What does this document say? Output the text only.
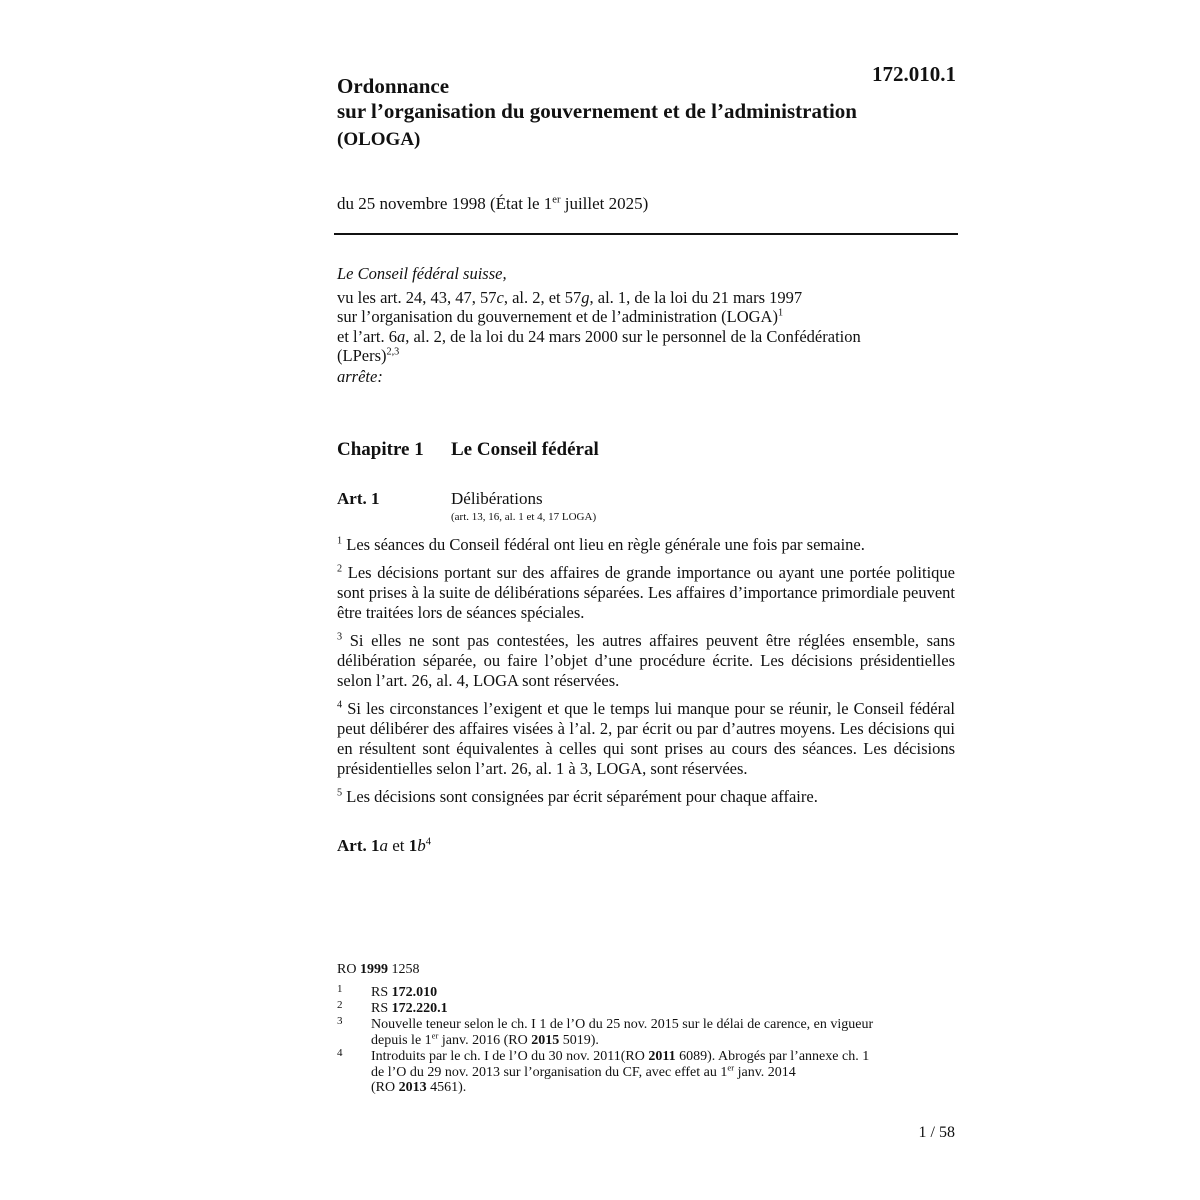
172.010.1
Ordonnance
sur l’organisation du gouvernement et de l’administration
(OLOGA)
du 25 novembre 1998 (État le 1er juillet 2025)
Le Conseil fédéral suisse,
vu les art. 24, 43, 47, 57c, al. 2, et 57g, al. 1, de la loi du 21 mars 1997
sur l’organisation du gouvernement et de l’administration (LOGA)$^1$
et l’art. 6a, al. 2, de la loi du 24 mars 2000 sur le personnel de la Confédération
(LPers)$^{2,3}$
arrête:
Chapitre 1 Le Conseil fédéral
Art. 1	Délibérations
(art. 13, 16, al. 1 et 4, 17 LOGA)

$^1$ Les séances du Conseil fédéral ont lieu en règle générale une fois par semaine.

$^2$ Les décisions portant sur des affaires de grande importance ou ayant une portée politique sont prises à la suite de délibérations séparées. Les affaires d’importance primordiale peuvent être traitées lors de séances spéciales.

$^3$ Si elles ne sont pas contestées, les autres affaires peuvent être réglées ensemble, sans délibération séparée, ou faire l’objet d’une procédure écrite. Les décisions présidentielles selon l’art. 26, al. 4, LOGA sont réservées.

$^4$ Si les circonstances l’exigent et que le temps lui manque pour se réunir, le Conseil fédéral peut délibérer des affaires visées à l’al. 2, par écrit ou par d’autres moyens. Les décisions qui en résultent sont équivalentes à celles qui sont prises au cours des séances. Les décisions présidentielles selon l’art. 26, al. 1 à 3, LOGA, sont réservées.

$^5$ Les décisions sont consignées par écrit séparément pour chaque affaire.

Art. 1a et $1b^4$
RO 1999 1258
1 RS 172.010
2 RS 172.220.1
3 Nouvelle teneur selon le ch. I 1 de l’O du 25 nov. 2015 sur le délai de carence, en vigueur
depuis le 1er janv. 2016 (RO 2015 5019).
4 Introduits par le ch. I de l’O du 30 nov. 2011(RO 2011 6089). Abrogés par l’annexe ch. 1
de l’O du 29 nov. 2013 sur l’organisation du CF, avec effet au 1er janv. 2014
(RO 2013 4561).
1 / 58
